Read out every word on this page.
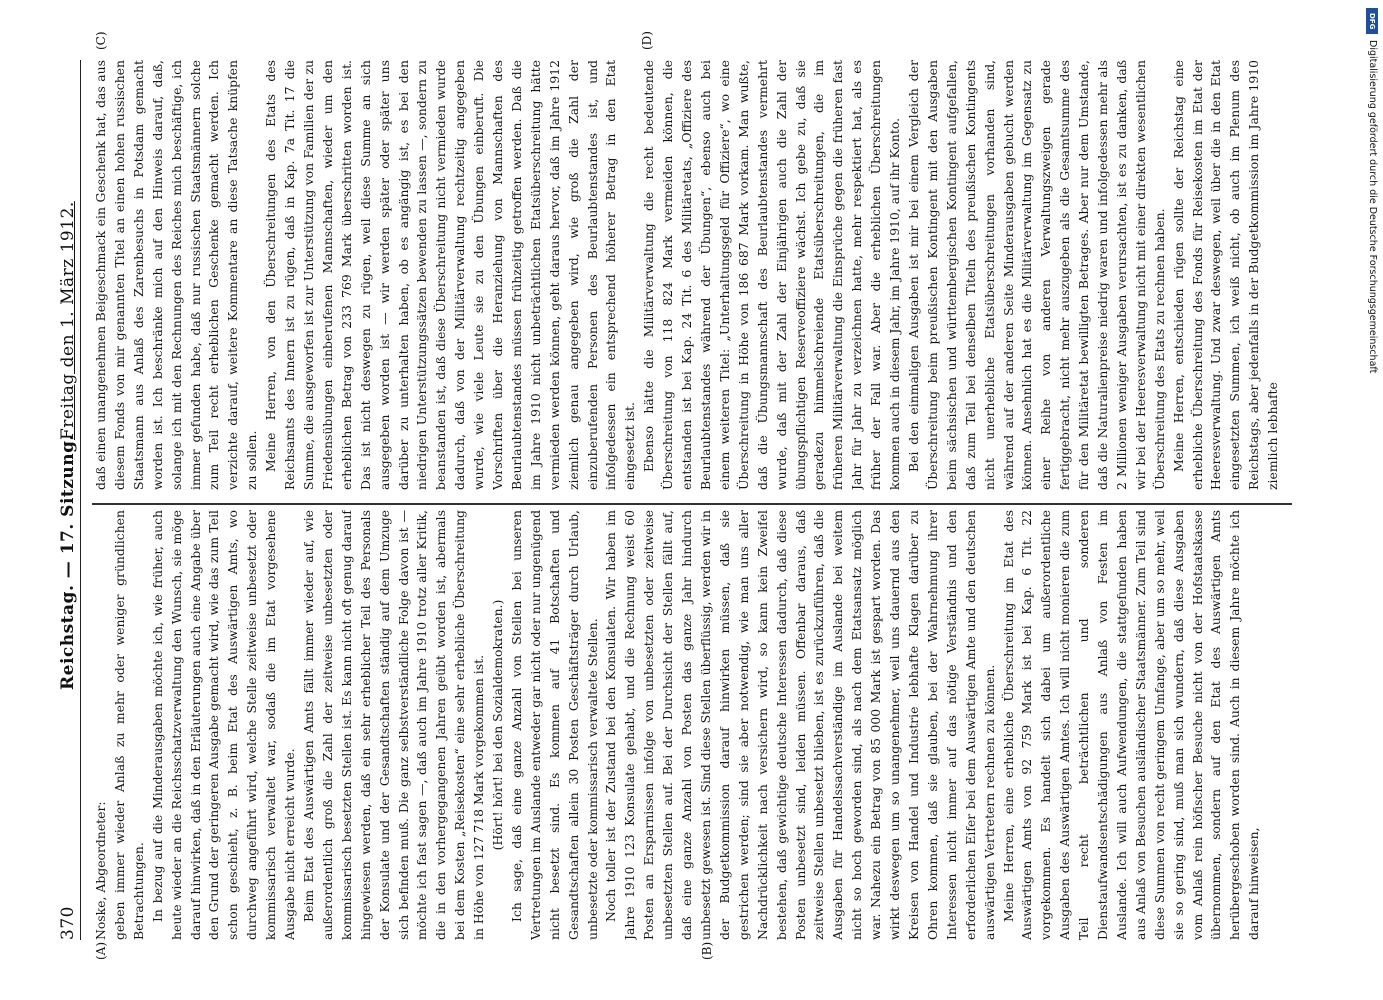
370
Reichstag. — 17. Sitzung.
Freitag den 1. März 1912.
(A)	(B)
(C)	(D)

Noske, Abgeordneter: geben immer wieder Anlaß zu mehr oder weniger gründlichen Betrachtungen. In bezug auf die Minderausgaben möchte ich, wie früher, auch heute wieder an die Reichsschatzverwaltung den Wunsch, sie möge darauf hinwirken, daß in den Erläuterungen auch eine Angabe über den Grund der geringeren Ausgabe gemacht wird, wie das zum Teil schon geschieht, z. B. beim Etat des Auswärtigen Amts, wo durchweg angeführt wird, welche Stelle zeitweise unbesetzt oder kommissarisch verwaltet war, sodaß die im Etat vorgesehene Ausgabe nicht erreicht wurde. Beim Etat des Auswärtigen Amts fällt immer wieder auf, wie außerordentlich groß die Zahl der zeitweise unbesetzten oder kommissarisch besetzten Stellen ist. Es kann nicht oft genug darauf hingewiesen werden, daß ein sehr erheblicher Teil des Personals der Konsulate und der Gesandtschaften ständig auf dem Umzuge sich befinden muß. Die ganz selbstverständliche Folge davon ist — möchte ich fast sagen —, daß auch im Jahre 1910 trotz aller Kritik, die in den vorhergegangenen Jahren geübt worden ist, abermals bei dem Kosten „Reisekosten“ eine sehr erhebliche Überschreitung in Höhe von 127 718 Mark vorgekommen ist. (Hört! hört! bei den Sozialdemokraten.) Ich sage, daß eine ganze Anzahl von Stellen bei unseren Vertretungen im Auslande entweder gar nicht oder nur ungenügend nicht besetzt sind. Es kommen auf 41 Botschaften und Gesandtschaften allein 30 Posten Geschäftsträger durch Urlaub, unbesetzte oder kommissarisch verwaltete Stellen. Noch toller ist der Zustand bei den Konsulaten. Wir haben im Jahre 1910 123 Konsulate gehabt, und die Rechnung weist 60 Posten an Ersparnissen infolge von unbesetzten oder zeitweise unbesetzten Stellen auf. Bei der Durchsicht der Stellen fällt auf, daß eine ganze Anzahl von Posten das ganze Jahr hindurch unbesetzt gewesen ist. Sind diese Stellen überflüssig, werden wir in der Budgetkommission darauf hinwirken müssen, daß sie gestrichen werden; sind sie aber notwendig, wie man uns aller Nachdrücklichkeit nach versichern wird, so kann kein Zweifel bestehen, daß gewichtige deutsche Interessen dadurch, daß diese Posten unbesetzt sind, leiden müssen. Offenbar daraus, daß zeitweise Stellen unbesetzt blieben, ist es zurückzuführen, daß die Ausgaben für Handelssachverständige im Auslande bei weitem nicht so hoch geworden sind, als nach dem Etatsansatz möglich war. Nahezu ein Betrag von 85 000 Mark ist gespart worden. Das wirkt deswegen um so unangenehmer, weil uns dauernd aus den Kreisen von Handel und Industrie lebhafte Klagen darüber zu Ohren kommen, daß sie glauben, bei der Wahrnehmung ihrer Interessen nicht immer auf das nötige Verständnis und den erforderlichen Eifer bei dem Auswärtigen Amte und den deutschen auswärtigen Vertretern rechnen zu können. Meine Herren, eine erhebliche Überschreitung im Etat des Auswärtigen Amts von 92 759 Mark ist bei Kap. 6 Tit. 22 vorgekommen. Es handelt sich dabei um außerordentliche Ausgaben des Auswärtigen Amtes. Ich will nicht monieren die zum Teil recht beträchtlichen und sonderen Dienstaufwandsentschädigungen aus Anlaß von Festen im Auslande. Ich will auch Aufwendungen, die stattgefunden haben aus Anlaß von Besuchen ausländischer Staatsmänner. Zum Teil sind diese Summen von recht geringem Umfange, aber um so mehr, weil sie so gering sind, muß man sich wundern, daß diese Ausgaben vom Anlaß rein höfischer Besuche nicht von der Hofstaatskasse übernommen, sondern auf den Etat des Auswärtigen Amts herübergeschoben worden sind. Auch in diesem Jahre möchte ich darauf hinweisen,

daß einen unangenehmen Beigeschmack ein Geschenk hat, das aus diesem Fonds von mir genannten Titel an einen hohen russischen Staatsmann aus Anlaß des Zarenbesuchs in Potsdam gemacht worden ist. Ich beschränke mich auf den Hinweis darauf, daß, solange ich mit den Rechnungen des Reiches mich beschäftige, ich immer gefunden habe, daß nur russischen Staatsmännern solche zum Teil recht erheblichen Geschenke gemacht werden. Ich verzichte darauf, weitere Kommentare an diese Tatsache knüpfen zu sollen. Meine Herren, von den Überschreitungen des Etats des Reichsamts des Innern ist zu rügen, daß in Kap. 7a Tit. 17 die Summe, die ausgeworfen ist zur Unterstützung von Familien der zu Friedensübungen einberufenen Mannschaften, wieder um den erheblichen Betrag von 233 769 Mark überschritten worden ist. Das ist nicht deswegen zu rügen, weil diese Summe an sich ausgegeben worden ist — wir werden später oder später uns darüber zu unterhalten haben, ob es angängig ist, es bei den niedrigen Unterstützungssätzen bewenden zu lassen —, sondern zu beanstanden ist, daß diese Überschreitung nicht vermieden wurde dadurch, daß von der Militärverwaltung rechtzeitig angegeben wurde, wie viele Leute sie zu den Übungen einberuft. Die Vorschriften über die Heranziehung von Mannschaften des Beurlaubtenstandes müssen frühzeitig getroffen werden. Daß die im Jahre 1910 nicht unbeträchtlichen Etatsüberschreitung hätte vermieden werden können, geht daraus hervor, daß im Jahre 1912 ziemlich genau angegeben wird, wie groß die Zahl der einzuberufenden Personen des Beurlaubtenstandes ist, und infolgedessen ein entsprechend höherer Betrag in den Etat eingesetzt ist. Ebenso hätte die Militärverwaltung die recht bedeutende Überschreitung von 118 824 Mark vermeiden können, die entstanden ist bei Kap. 24 Tit. 6 des Militäretats, „Offiziere des Beurlaubtenstandes während der Übungen“, ebenso auch bei einem weiteren Titel: „Unterhaltungsgeld für Offiziere“, wo eine Überschreitung in Höhe von 186 687 Mark vorkam. Man wußte, daß die Übungsmannschaft des Beurlaubtenstandes vermehrt wurde, daß mit der Zahl der Einjährigen auch die Zahl der übungspflichtigen Reserveoffiziere wächst. Ich gebe zu, daß sie geradezu himmelschreiende Etatsüberschreitungen, die im früheren Militärverwaltung die Einsprüche gegen die früheren fast Jahr für Jahr zu verzeichnen hatte, mehr respektiert hat, als es früher der Fall war. Aber die erheblichen Überschreitungen kommen auch in diesem Jahr, im Jahre 1910, auf ihr Konto. Bei den einmaligen Ausgaben ist mir bei einem Vergleich der Überschreitung beim preußischen Kontingent mit den Ausgaben beim sächsischen und württembergischen Kontingent aufgefallen, daß zum Teil bei denselben Titeln des preußischen Kontingents nicht unerhebliche Etatsüberschreitungen vorhanden sind, während auf der anderen Seite Minderausgaben gebucht werden können. Ansehnlich hat es die Militärverwaltung im Gegensatz zu einer Reihe von anderen Verwaltungszweigen gerade fertiggebracht, nicht mehr auszugeben als die Gesamtsumme des für den Militäretat bewilligten Betrages. Aber nur dem Umstande, daß die Naturalienpreise niedrig waren und infolgedessen mehr als 2 Millionen weniger Ausgaben verursachten, ist es zu danken, daß wir bei der Heeresverwaltung nicht mit einer direkten wesentlichen Überschreitung des Etats zu rechnen haben. Meine Herren, entschieden rügen sollte der Reichstag eine erhebliche Überschreitung des Fonds für Reisekosten im Etat der Heeresverwaltung. Und zwar deswegen, weil über die in den Etat eingesetzten Summen, ich weiß nicht, ob auch im Plenum des Reichstags, aber jedenfalls in der Budgetkommission im Jahre 1910 ziemlich lebhafte

DFG
Digitalisierung gefördert durch die Deutsche Forschungsgemeinschaft
